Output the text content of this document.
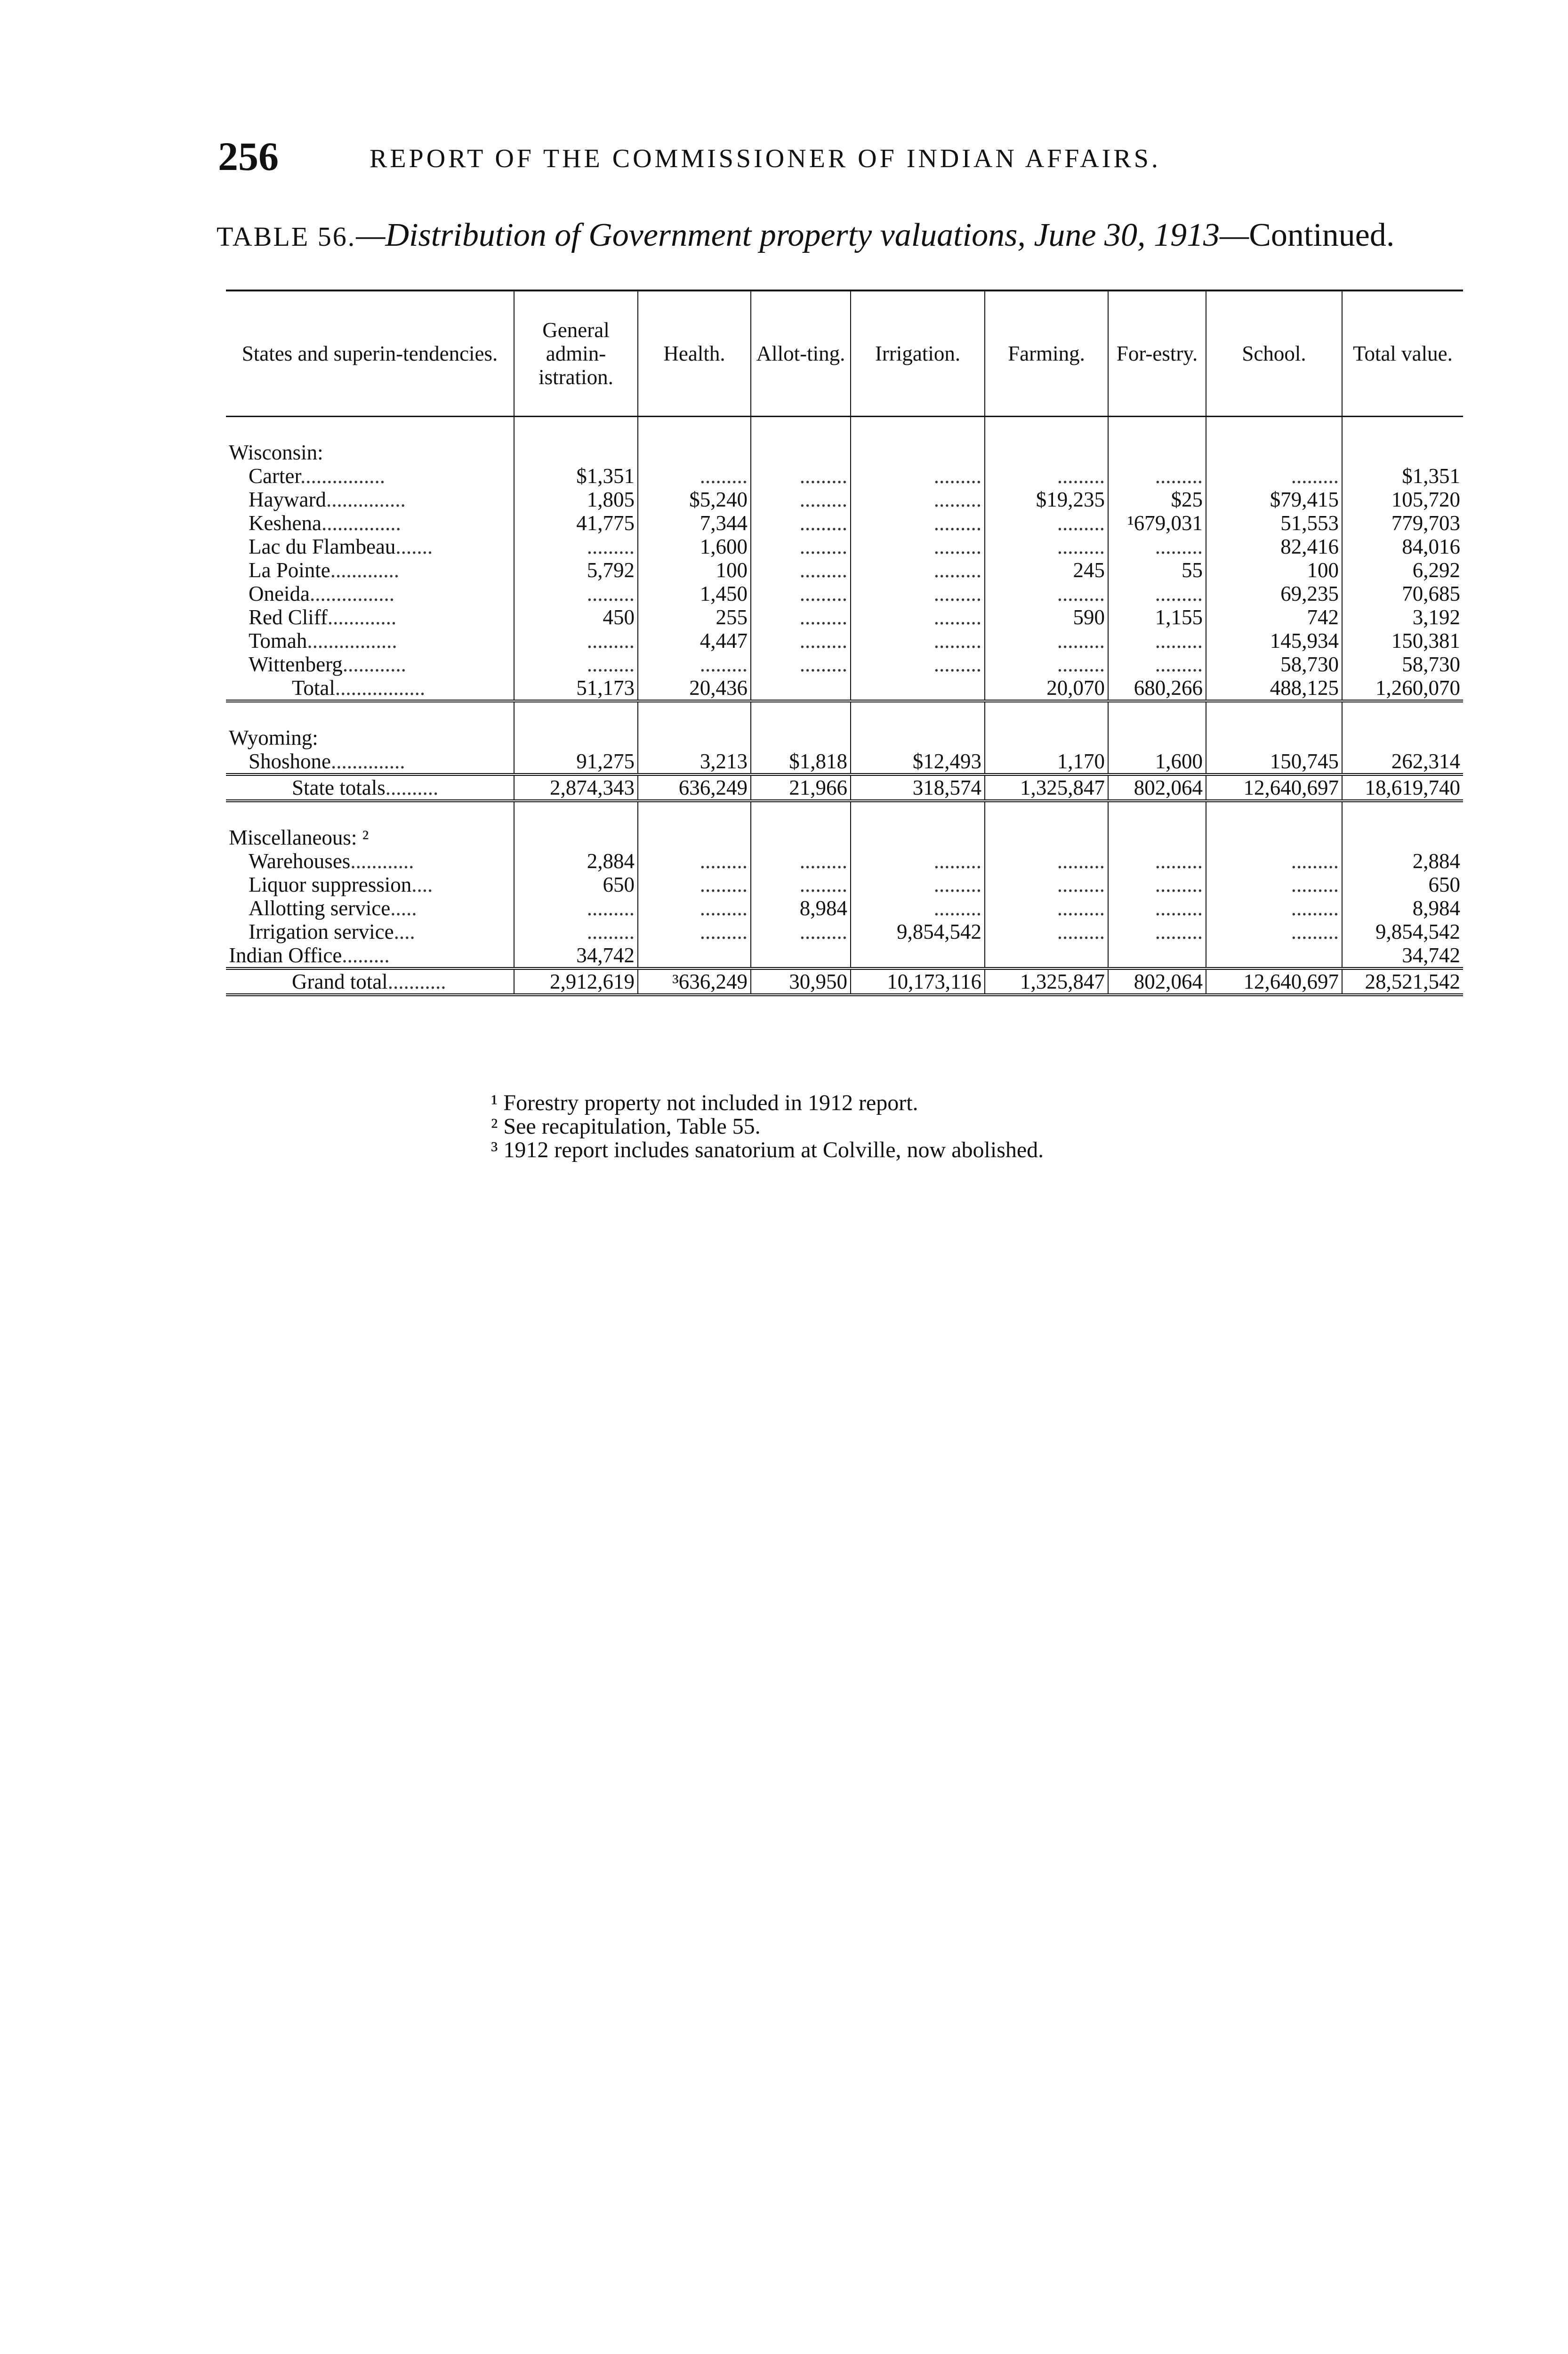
256	REPORT OF THE COMMISSIONER OF INDIAN AFFAIRS.
TABLE 56.—Distribution of Government property valuations, June 30, 1913—Continued.
States and superin-tendencies.	General admin-istration.	Health.	Allot-ting.	Irrigation.	Farming.	For-estry.	School.	Total value.

Wisconsin:								
Carter................	$1,351	.........	.........	.........	.........	.........	.........	$1,351
Hayward...............	1,805	$5,240	.........	.........	$19,235	$25	$79,415	105,720
Keshena...............	41,775	7,344	.........	.........	.........	¹679,031	51,553	779,703
Lac du Flambeau.......	.........	1,600	.........	.........	.........	.........	82,416	84,016
La Pointe.............	5,792	100	.........	.........	245	55	100	6,292
Oneida................	.........	1,450	.........	.........	.........	.........	69,235	70,685
Red Cliff.............	450	255	.........	.........	590	1,155	742	3,192
Tomah.................	.........	4,447	.........	.........	.........	.........	145,934	150,381
Wittenberg............	.........	.........	.........	.........	.........	.........	58,730	58,730
Total.................	51,173	20,436			20,070	680,266	488,125	1,260,070

Wyoming:								
Shoshone..............	91,275	3,213	$1,818	$12,493	1,170	1,600	150,745	262,314
State totals..........	2,874,343	636,249	21,966	318,574	1,325,847	802,064	12,640,697	18,619,740

Miscellaneous: ²								
Warehouses............	2,884	.........	.........	.........	.........	.........	.........	2,884
Liquor suppression....	650	.........	.........	.........	.........	.........	.........	650
Allotting service.....	.........	.........	8,984	.........	.........	.........	.........	8,984
Irrigation service....	.........	.........	.........	9,854,542	.........	.........	.........	9,854,542
Indian Office.........	34,742							34,742
Grand total...........	2,912,619	³636,249	30,950	10,173,116	1,325,847	802,064	12,640,697	28,521,542
¹ Forestry property not included in 1912 report.
² See recapitulation, Table 55.
³ 1912 report includes sanatorium at Colville, now abolished.
